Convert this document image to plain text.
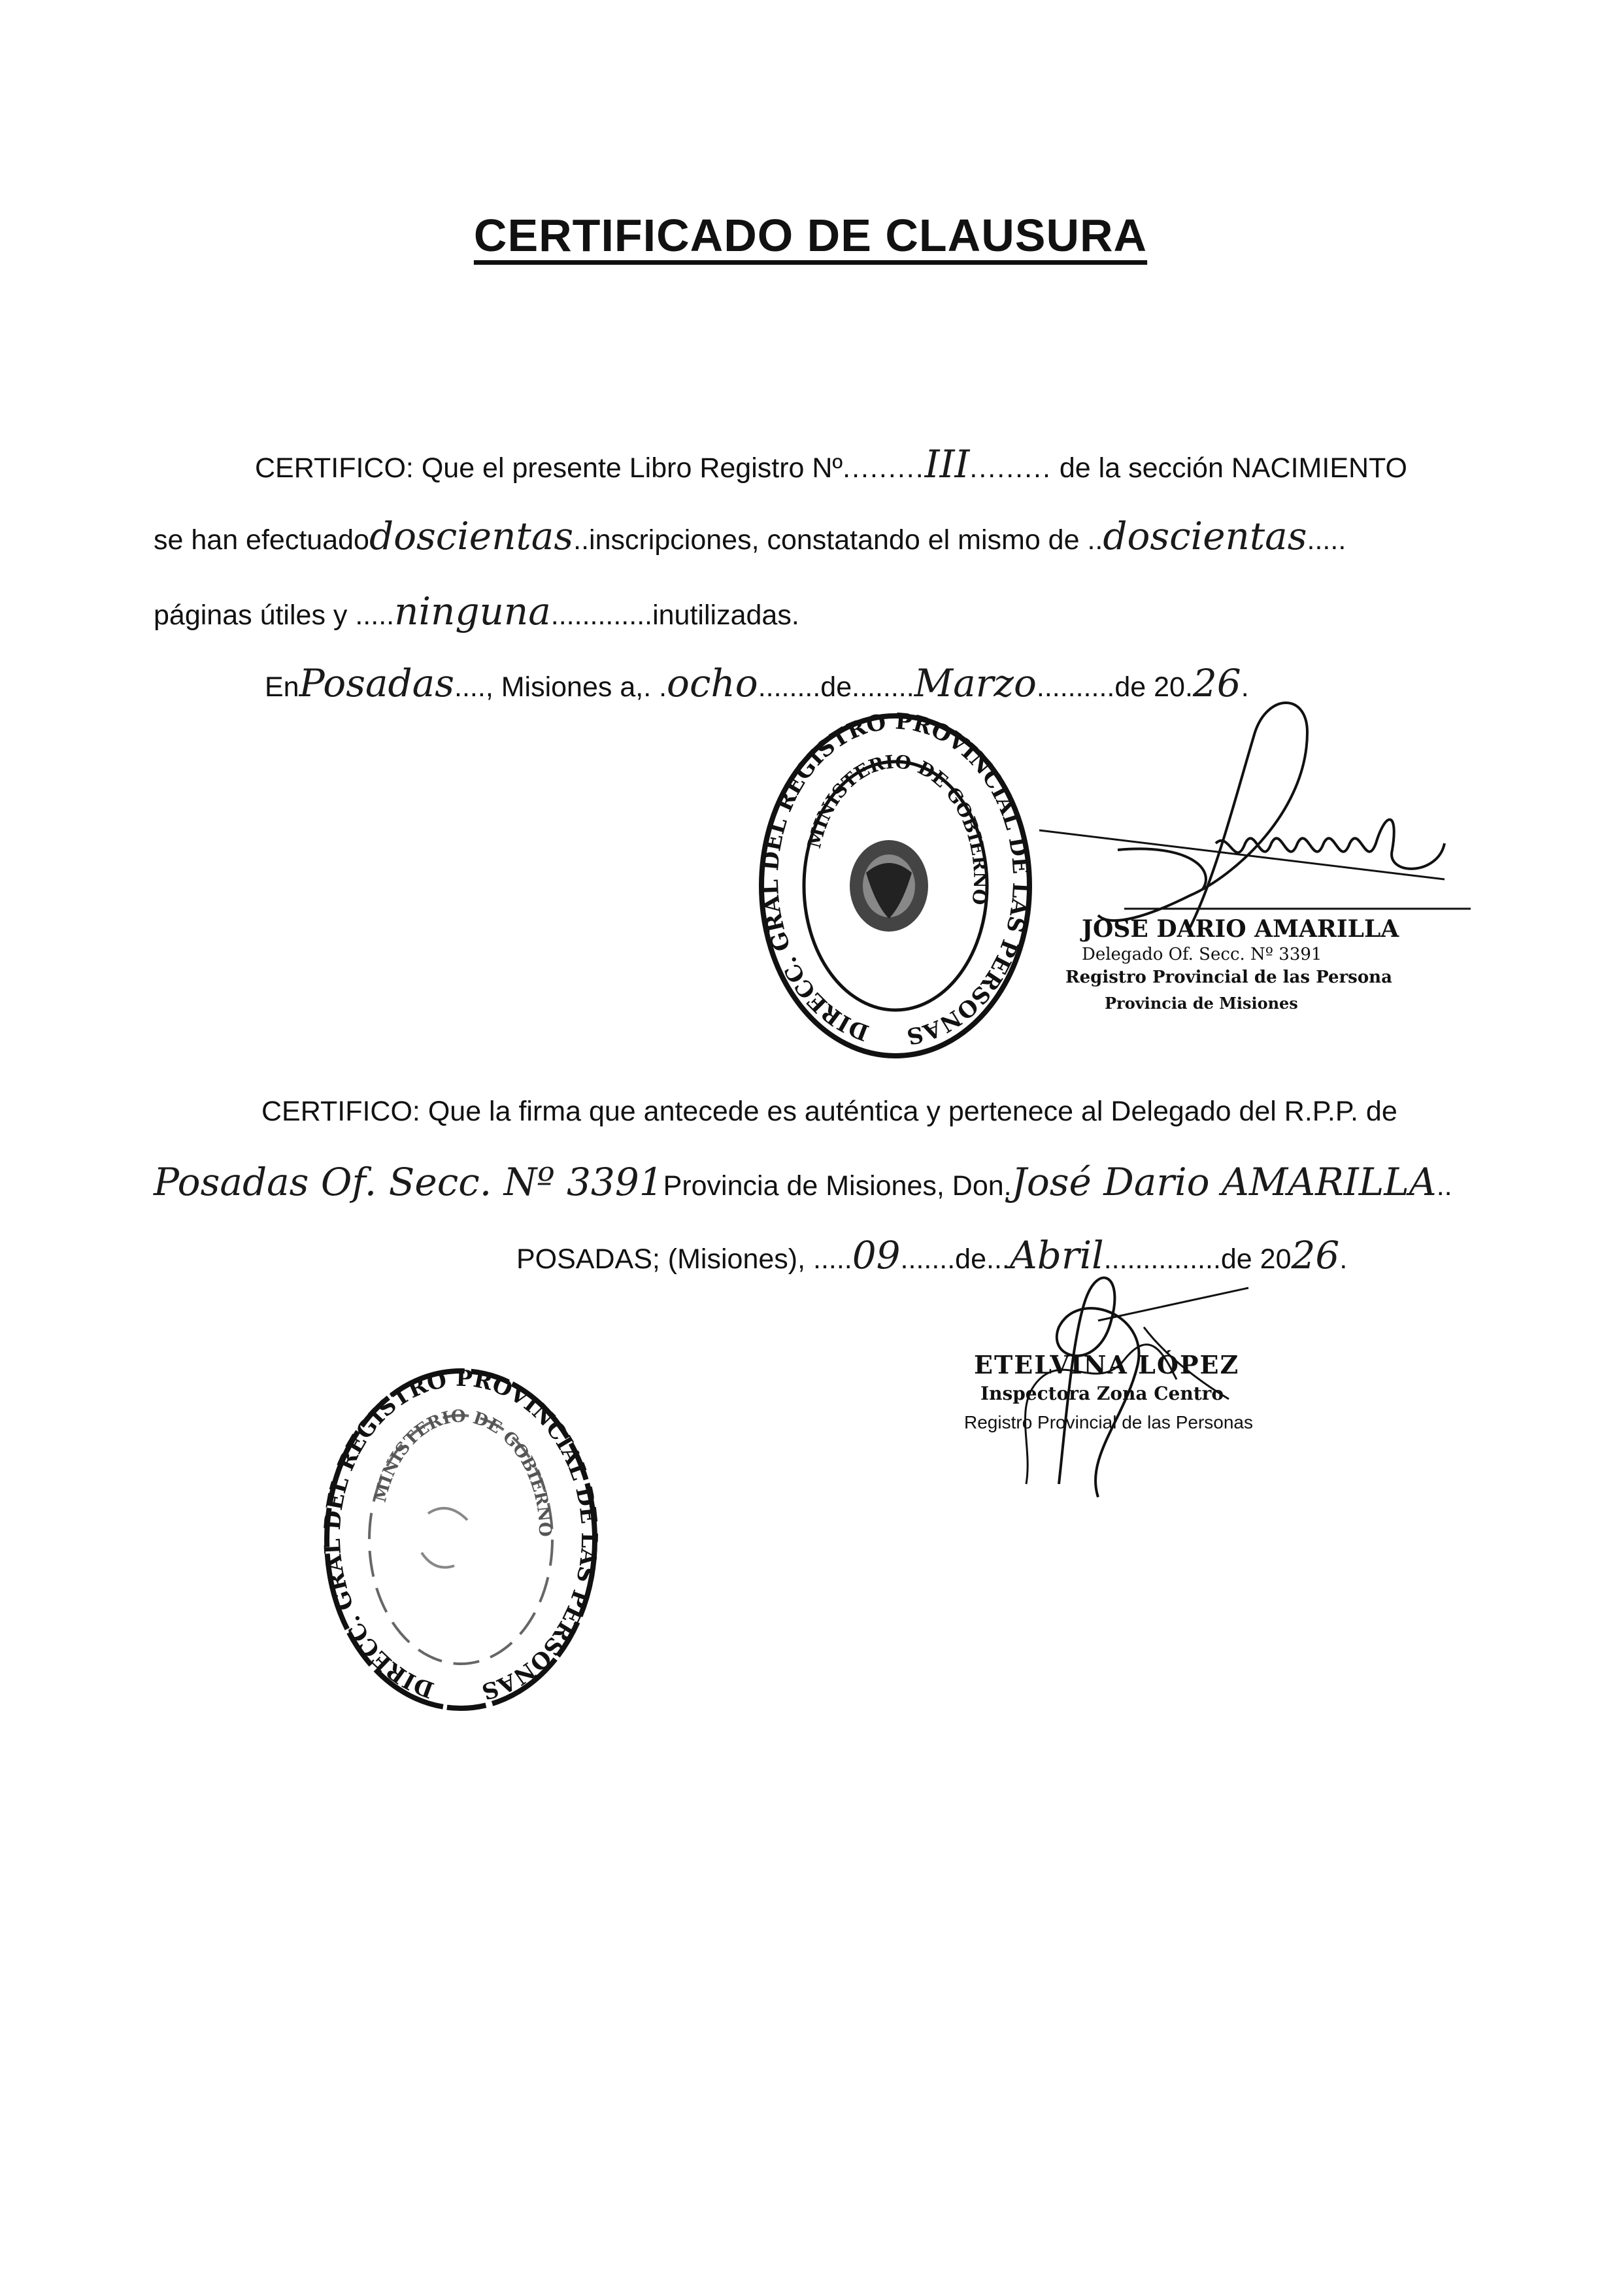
CERTIFICADO DE CLAUSURA
CERTIFICO: Que el presente Libro Registro Nº.........III......... de la sección NACIMIENTO
se han efectuadodoscientas..inscripciones, constatando el mismo de ..doscientas.....
páginas útiles y .....ninguna.............inutilizadas.
EnPosadas...., Misiones a,. .ocho........de........Marzo..........de 20.26.
DIRECC. GRAL DEL REGISTRO PROVINCIAL DE LAS PERSONAS
MINISTERIO DE GOBIERNO
JOSE DARIO AMARILLA
Delegado Of. Secc. Nº 3391
Registro Provincial de las Persona
Provincia de Misiones
CERTIFICO: Que la firma que antecede es auténtica y pertenece al Delegado del R.P.P. de
Posadas Of. Secc. Nº 3391Provincia de Misiones, Don.José Dario AMARILLA..
POSADAS; (Misiones), .....09.......de...Abril...............de 2026.
ETELVINA LÓPEZ
Inspectora Zona Centro
Registro Provincial de las Personas
DIRECC. GRAL DEL REGISTRO PROVINCIAL DE LAS PERSONAS
MINISTERIO DE GOBIERNO
